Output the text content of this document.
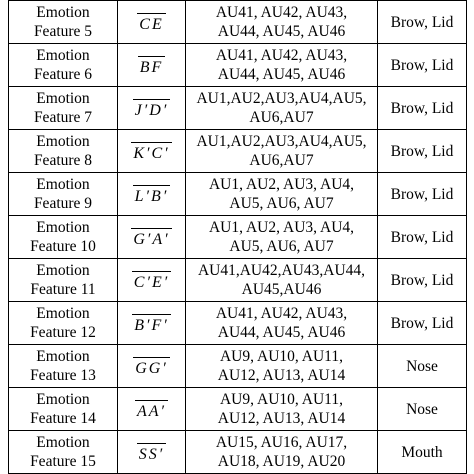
Emotion
Feature 5	CE	AU41, AU42, AU43,
AU44, AU45, AU46	Brow, Lid

Emotion
Feature 6	BF	AU41, AU42, AU43,
AU44, AU45, AU46	Brow, Lid

Emotion
Feature 7	J′D′	AU1,AU2,AU3,AU4,AU5,
AU6,AU7	Brow, Lid

Emotion
Feature 8	K′C′	AU1,AU2,AU3,AU4,AU5,
AU6,AU7	Brow, Lid

Emotion
Feature 9	L′B′	AU1, AU2, AU3, AU4,
AU5, AU6, AU7	Brow, Lid

Emotion
Feature 10	G′A′	AU1, AU2, AU3, AU4,
AU5, AU6, AU7	Brow, Lid

Emotion
Feature 11	C′E′	AU41,AU42,AU43,AU44,
AU45,AU46	Brow, Lid

Emotion
Feature 12	B′F′	AU41, AU42, AU43,
AU44, AU45, AU46	Brow, Lid

Emotion
Feature 13	GG′	AU9, AU10, AU11,
AU12, AU13, AU14	Nose

Emotion
Feature 14	AA′	AU9, AU10, AU11,
AU12, AU13, AU14	Nose

Emotion
Feature 15	SS′	AU15, AU16, AU17,
AU18, AU19, AU20	Mouth
